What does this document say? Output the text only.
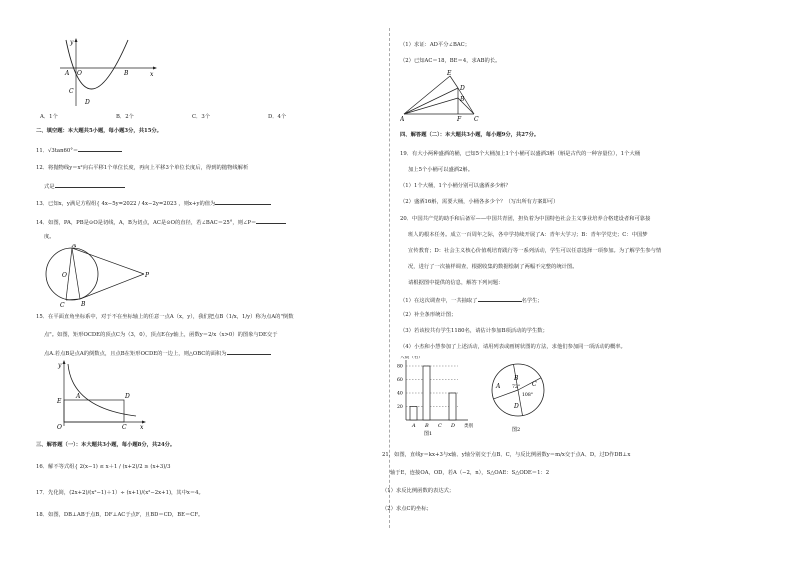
y
x
A O	B
C
D
A．1个	B．2个	C．3个	D．4个
二、填空题：本大题共5小题，每小题3分，共15分。
11．√3tan60°＝
12．将抛物线y＝x²向右平移1个单位长度，再向上平移3个单位长度后，得到的抛物线解析
式是
13．已知x，y满足方程组{ 4x−5y=2022 / 4x−2y=2023 ，则x+y的值为
14．如图，PA，PB是⊙O是切线，A，B为切点，AC是⊙O的直径，若∠BAC＝25°，则∠P＝
度。
A
O
C	B
P
15．在平面直角坐标系中，对于不在坐标轴上的任意一点A（x，y），我们把点B（1/x，1/y）称为点A的"倒数
点"。如图，矩形OCDE的顶点C为（3，0），顶点E在y轴上，函数y＝2/x（x>0）的图象与DE交于
点A.若点B是点A的倒数点，且点B在矩形OCDE的一边上，则△OBC的面积为
y
E
A	D
O	C x
三、解答题（一）：本大题共3小题，每小题8分，共24分。
16．解不等式组{ 2(x−1) ≤ x＋1 / (x+2)/2 ≥ (x+3)/3
17．先化简，(2x+2)/(x²−1)＋1）÷ (x+1)/(x²−2x+1)，其中x＝4。
18．如图，DB⊥AB于点B，DF⊥AC于点F，且BD＝CD，BE＝CF。
（1）求证：AD平分∠BAC；
（2）已知AC＝18，BE＝4，求AB的长。
E
D
B
A	C
F
四、解答题（二）：本大题共3小题，每小题9分，共27分。
19．有大小两种盛酒的桶，已知5个大桶加上1个小桶可以盛酒3斛（斛是古代的一种容量位），1个大桶
加上5个小桶可以盛酒2斛。
（1）1个大桶，1个小桶分别可以盛酒多少斛？
（2）盛酒16斛，需要大桶，小桶各多少个？（写出所有方案即可）
20．中国共产党的助手和后备军——中国共青团，担负着为中国特色社会主义事业培养合格建设者和可靠接
班人的根本任务。成立一百周年之际，各中学持续开展了A：青年大学习；B：青年学党史；C：中国梦
宣传教育；D：社会主义核心价值观培育践行等一系列活动，学生可以任意选择一项参加。为了解学生参与情
况，进行了一次抽样调查，根据收集的数据绘制了两幅不完整的统计图。
请根据图中提供的信息，解答下列问题：
（1）在这次调查中，一共抽取了	名学生；
（2）补全条形统计图；
（3）若该校共有学生1180名，请估计参加B项活动的学生数；
（4）小杰和小慧参加了上述活动，请用列表或画树状图的方法，求他们参加同一项活动的概率。
人数（名）
类别
20
40
60
80
A B C D
图1
A
B
C
D
72°
108°
图2
21．如图，直线y＝kx+3与x轴、y轴分别交于点B、C，与反比例函数y＝m/x交于点A、D，过D作DB⊥x
轴于E，连接OA，OD，若A（−2，n），S△OAE：S△ODE＝1：2
（1）求反比例函数的表达式；
（2）求点C的坐标；
